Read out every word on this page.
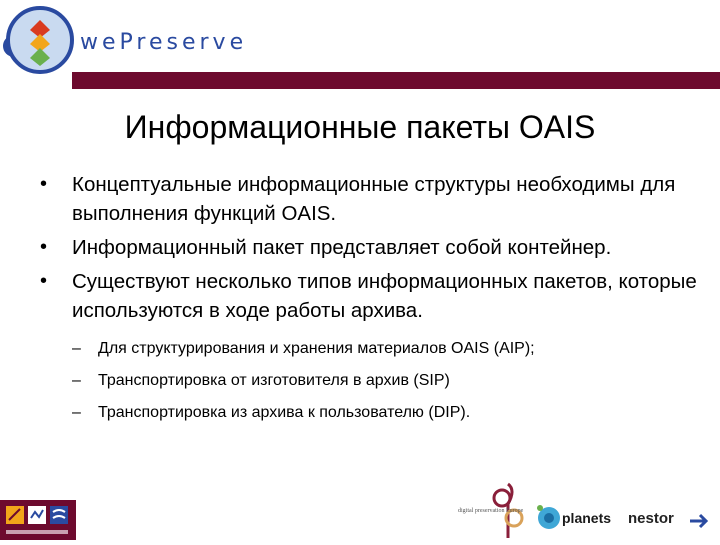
wePreserve
Информационные пакеты OAIS
• Концептуальные информационные структуры необходимы для выполнения функций OAIS.
• Информационный пакет представляет собой контейнер.
• Существуют несколько типов информационных пакетов, которые используются в ходе работы архива.
– Для структурирования и хранения материалов OAIS (AIP);
– Транспортировка от изготовителя в архив (SIP)
– Транспортировка из архива к пользователю (DIP).
digital preservation Europe	planets nestor
